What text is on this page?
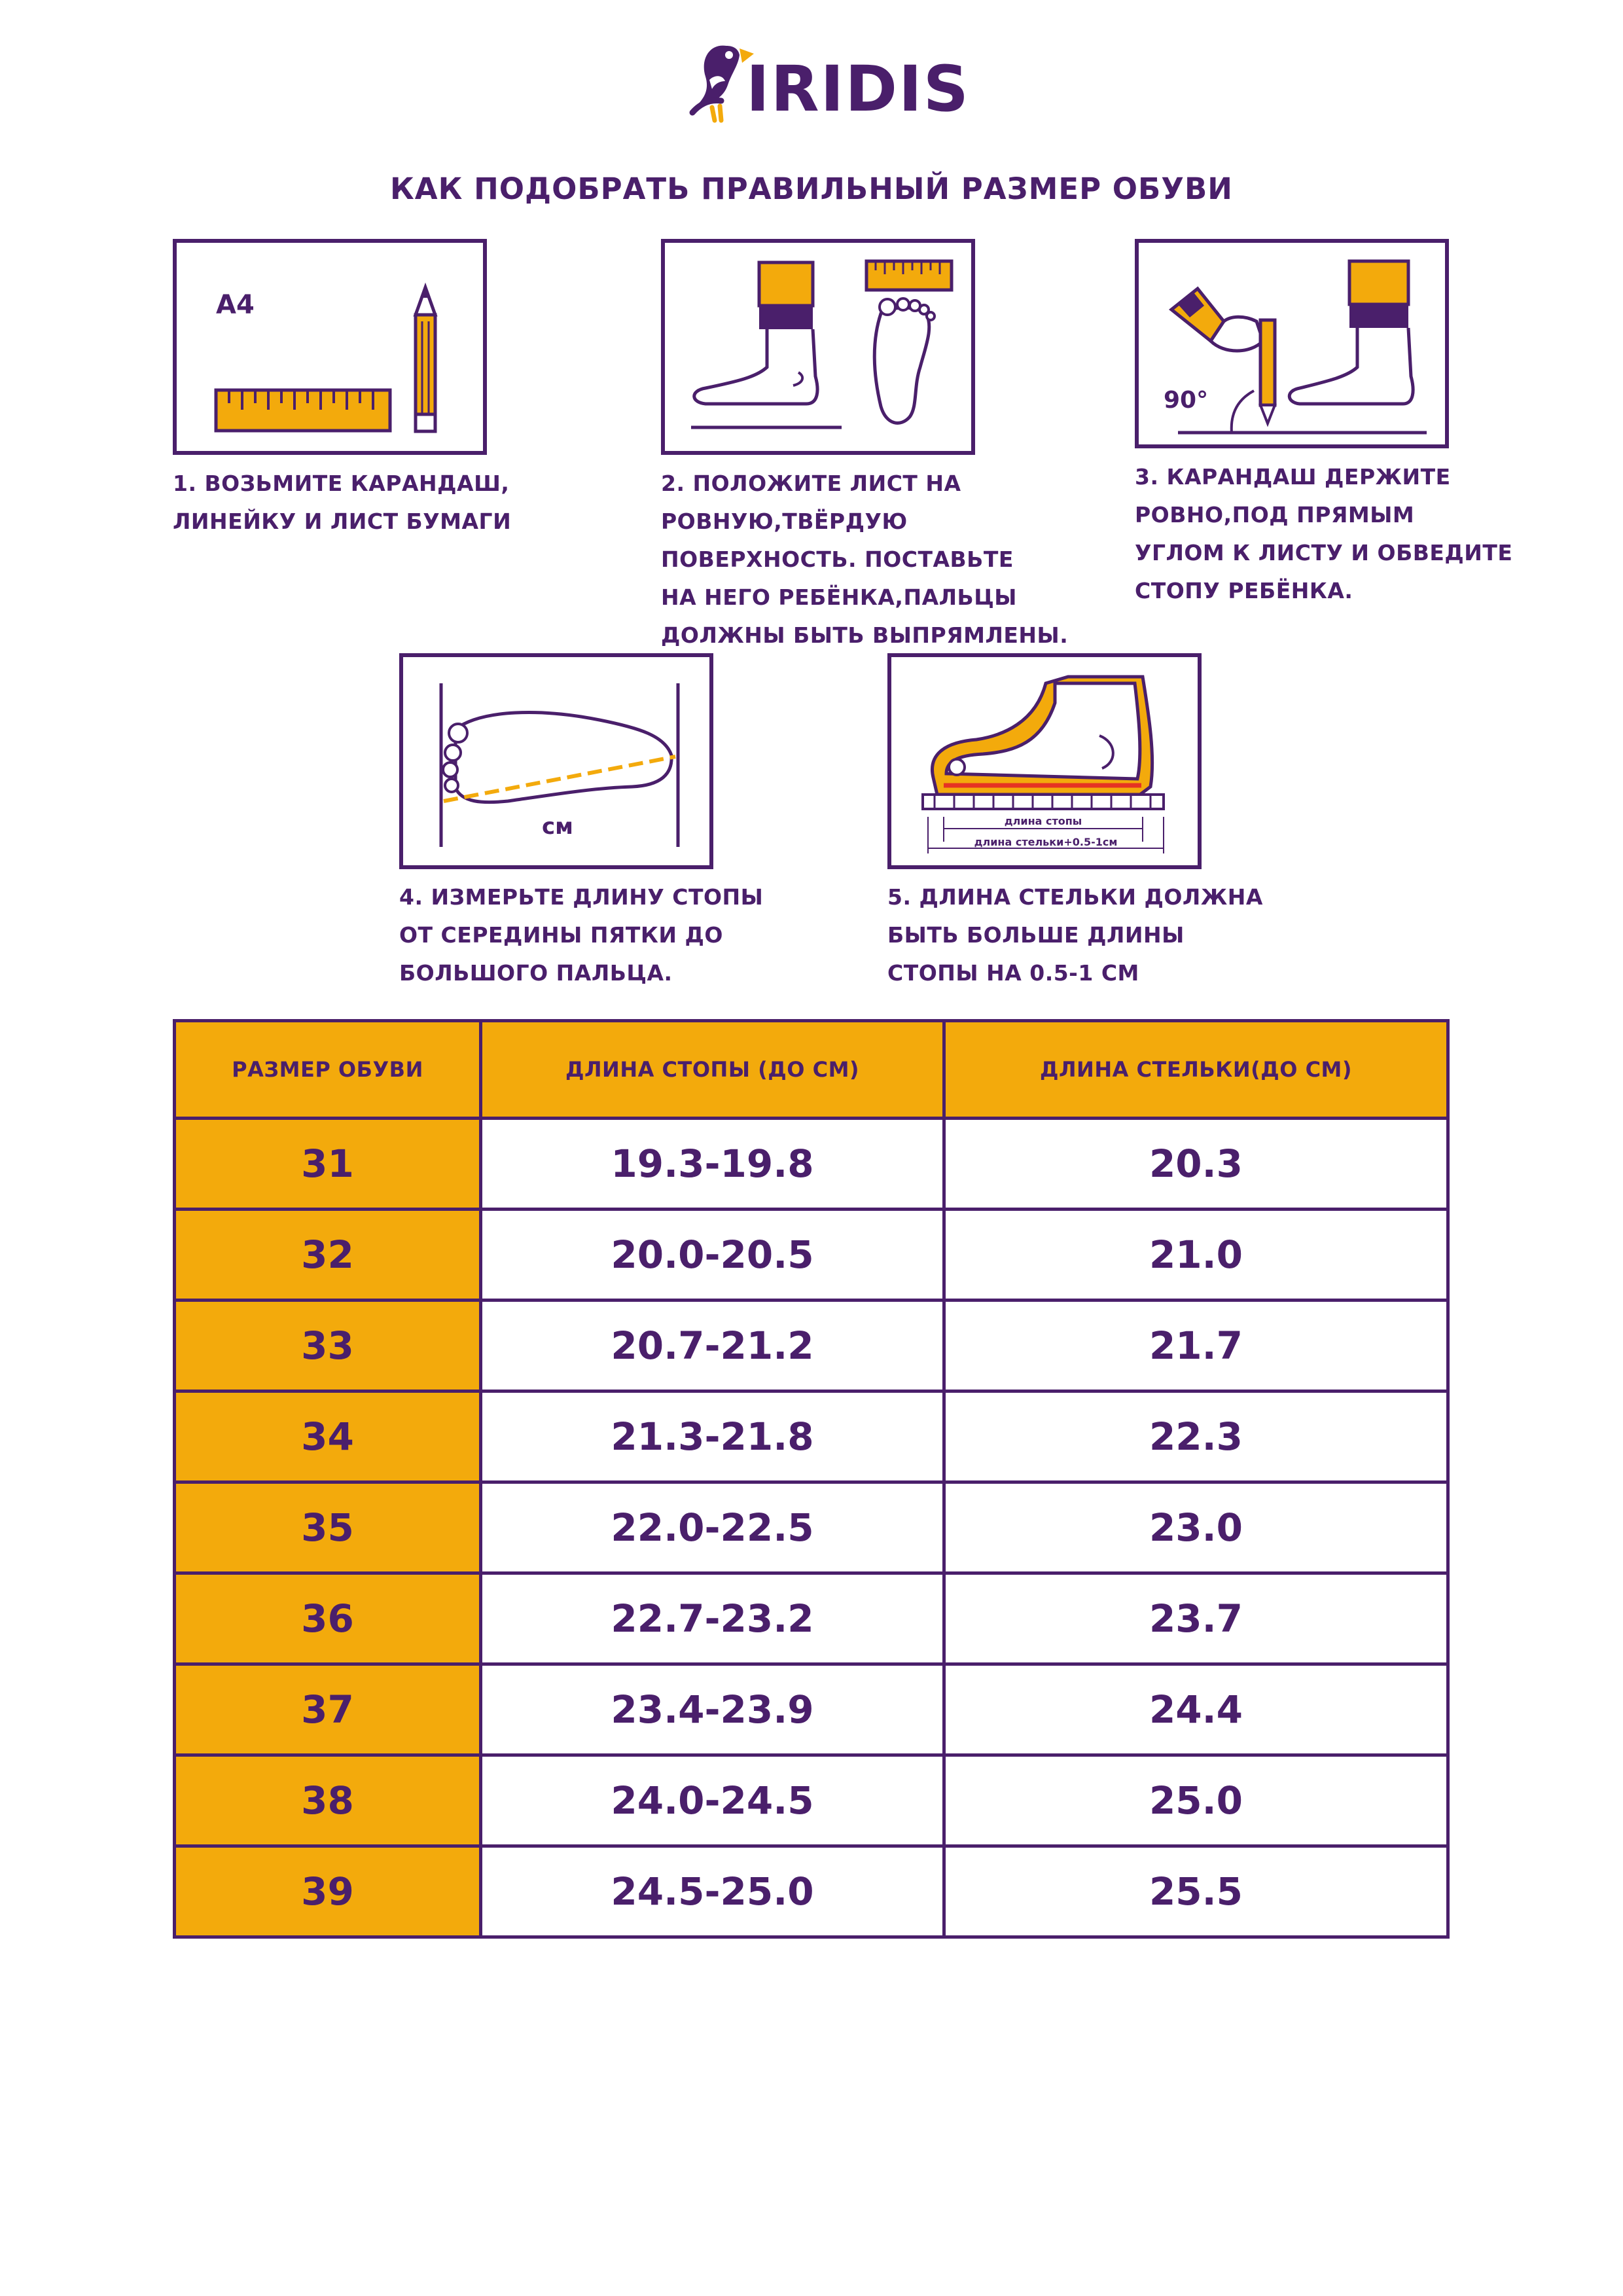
IRIDIS
КАК ПОДОБРАТЬ ПРАВИЛЬНЫЙ РАЗМЕР ОБУВИ
A4
90°
1. ВОЗЬМИТЕ КАРАНДАШ,
ЛИНЕЙКУ И ЛИСТ БУМАГИ
2. ПОЛОЖИТЕ ЛИСТ НА
РОВНУЮ,ТВЁРДУЮ
ПОВЕРХНОСТЬ. ПОСТАВЬТЕ
НА НЕГО РЕБЁНКА,ПАЛЬЦЫ
ДОЛЖНЫ БЫТЬ ВЫПРЯМЛЕНЫ.
3. КАРАНДАШ ДЕРЖИТЕ
РОВНО,ПОД ПРЯМЫМ
УГЛОМ К ЛИСТУ И ОБВЕДИТЕ
СТОПУ РЕБЁНКА.
см	длина стопы
длина стельки+0.5-1см
4. ИЗМЕРЬТЕ ДЛИНУ СТОПЫ
ОТ СЕРЕДИНЫ ПЯТКИ ДО
БОЛЬШОГО ПАЛЬЦА.
5. ДЛИНА СТЕЛЬКИ ДОЛЖНА
БЫТЬ БОЛЬШЕ ДЛИНЫ
СТОПЫ НА 0.5-1 СМ
РАЗМЕР ОБУВИ	ДЛИНА СТОПЫ (ДО СМ)	ДЛИНА СТЕЛЬКИ(ДО СМ)
31	19.3-19.8	20.3
32	20.0-20.5	21.0
33	20.7-21.2	21.7
34	21.3-21.8	22.3
35	22.0-22.5	23.0
36	22.7-23.2	23.7
37	23.4-23.9	24.4
38	24.0-24.5	25.0
39	24.5-25.0	25.5
